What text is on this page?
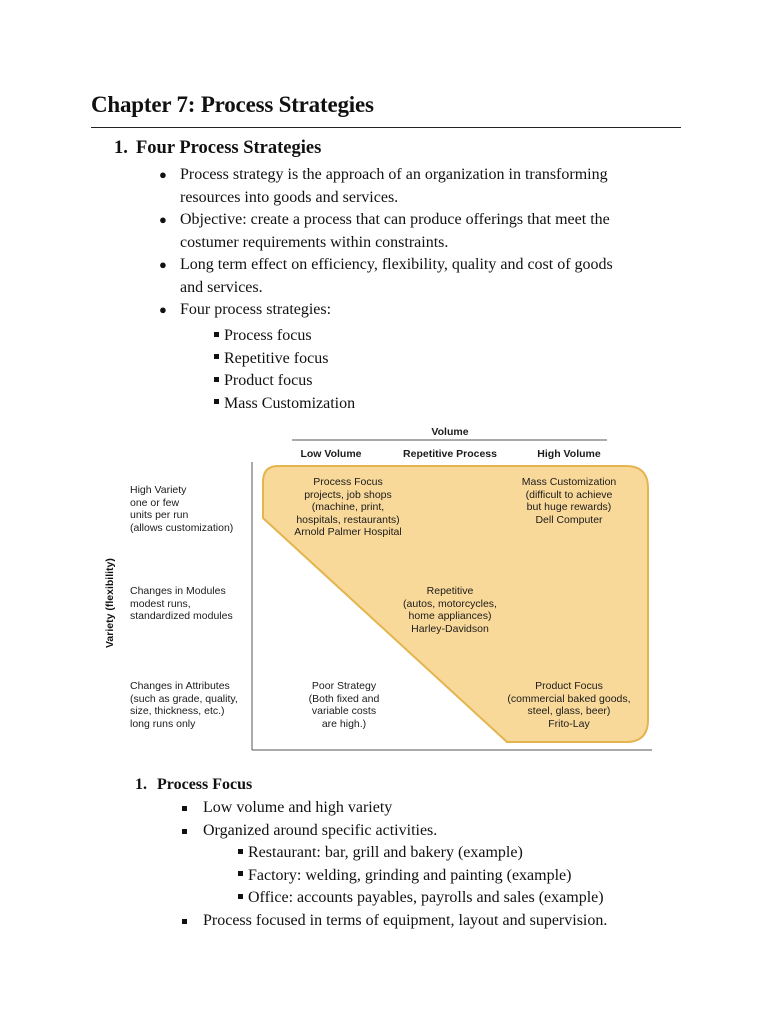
Chapter 7: Process Strategies
1. Four Process Strategies
● Process strategy is the approach of an organization in transforming
resources into goods and services.
● Objective: create a process that can produce offerings that meet the
costumer requirements within constraints.
● Long term effect on efficiency, flexibility, quality and cost of goods
and services.
● Four process strategies:
Process focus
Repetitive focus
Product focus
Mass Customization
Volume
Low Volume	Repetitive Process	High Volume
High Variety
one or few
units per run
(allows customization)
Changes in Modules
modest runs,
standardized modules
Changes in Attributes
(such as grade, quality,
size, thickness, etc.)
long runs only
Process Focus
projects, job shops
(machine, print,
hospitals, restaurants)
Arnold Palmer Hospital
Mass Customization
(difficult to achieve
but huge rewards)
Dell Computer
Repetitive
(autos, motorcycles,
home appliances)
Harley-Davidson
Poor Strategy
(Both fixed and
variable costs
are high.)
Product Focus
(commercial baked goods,
steel, glass, beer)
Frito-Lay
Variety (flexibility)
1. Process Focus
Low volume and high variety
Organized around specific activities.
Restaurant: bar, grill and bakery (example)
Factory: welding, grinding and painting (example)
Office: accounts payables, payrolls and sales (example)
Process focused in terms of equipment, layout and supervision.
